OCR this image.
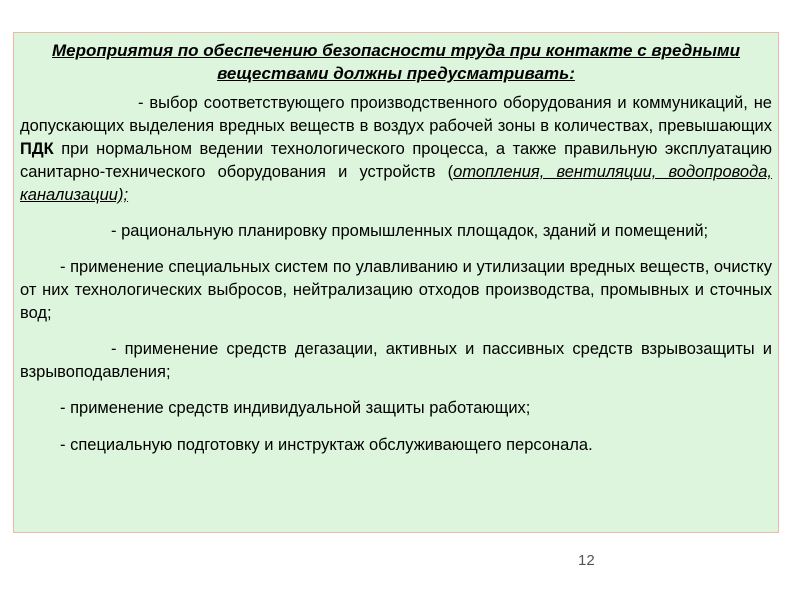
Мероприятия по обеспечению безопасности труда при контакте с вредными веществами должны предусматривать:
- выбор соответствующего производственного оборудования и коммуникаций, не допускающих выделения вредных веществ в воздух рабочей зоны в количествах, превышающих ПДК при нормальном ведении технологического процесса, а также правильную эксплуатацию санитарно-технического оборудования и устройств (отопления, вентиляции, водопровода, канализации);
- рациональную планировку промышленных площадок, зданий и помещений;
- применение специальных систем по улавливанию и утилизации вредных веществ, очистку от них технологических выбросов, нейтрализацию отходов производства, промывных и сточных вод;
- применение средств дегазации, активных и пассивных средств взрывозащиты и взрывоподавления;
- применение средств индивидуальной защиты работающих;
- специальную подготовку и инструктаж обслуживающего персонала.
12
